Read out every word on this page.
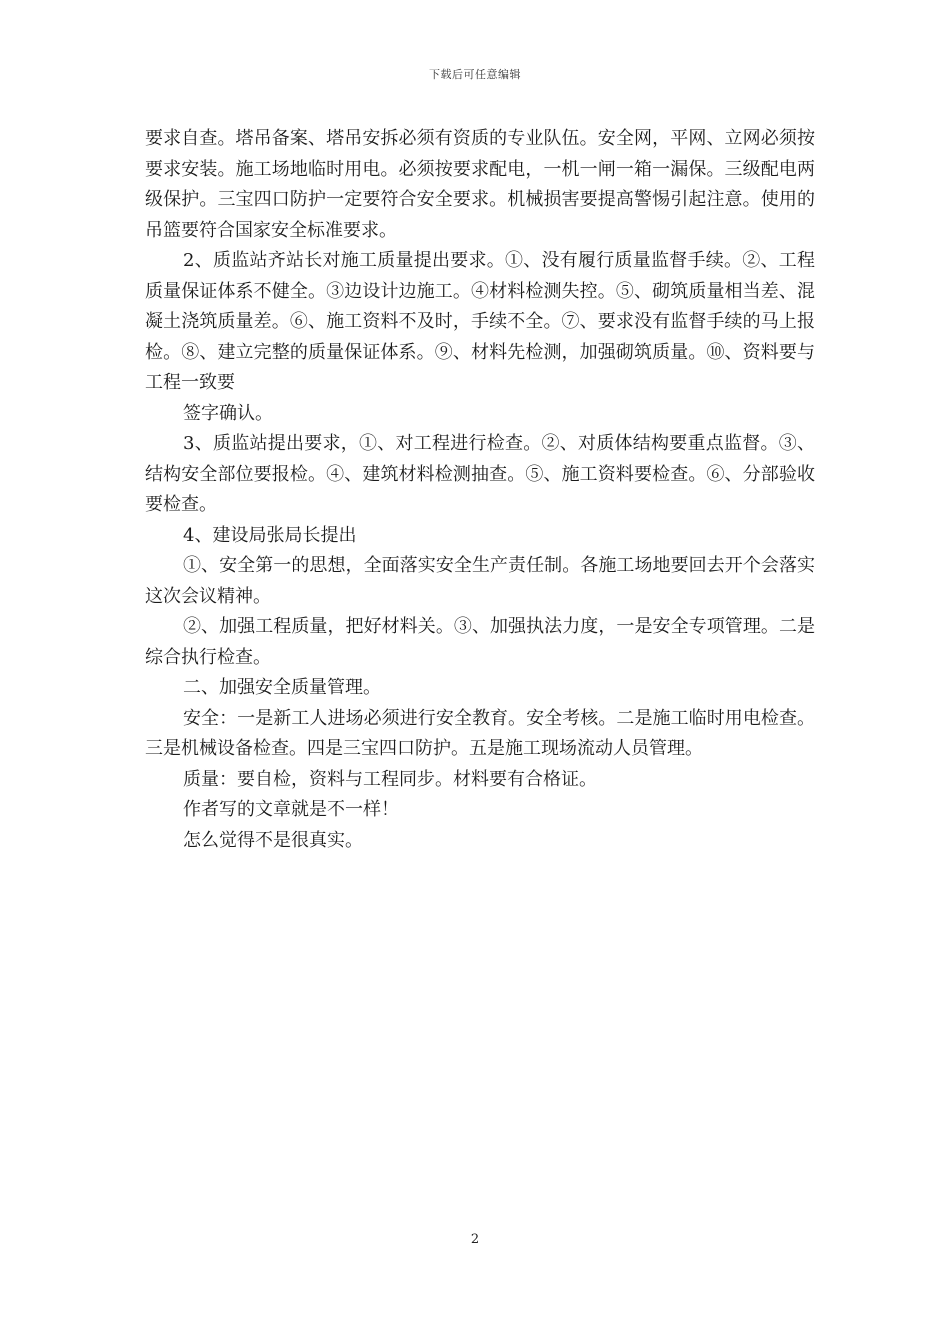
下载后可任意编辑

要求自查。塔吊备案、塔吊安拆必须有资质的专业队伍。安全网，平网、立网必须按要求安装。施工场地临时用电。必须按要求配电，一机一闸一箱一漏保。三级配电两级保护。三宝四口防护一定要符合安全要求。机械损害要提高警惕引起注意。使用的吊篮要符合国家安全标准要求。

2、质监站齐站长对施工质量提出要求。①、没有履行质量监督手续。②、工程质量保证体系不健全。③边设计边施工。④材料检测失控。⑤、砌筑质量相当差、混凝土浇筑质量差。⑥、施工资料不及时，手续不全。⑦、要求没有监督手续的马上报检。⑧、建立完整的质量保证体系。⑨、材料先检测，加强砌筑质量。⑩、资料要与工程一致要

签字确认。

3、质监站提出要求，①、对工程进行检查。②、对质体结构要重点监督。③、结构安全部位要报检。④、建筑材料检测抽查。⑤、施工资料要检查。⑥、分部验收要检查。

4、建设局张局长提出

①、安全第一的思想，全面落实安全生产责任制。各施工场地要回去开个会落实这次会议精神。

②、加强工程质量，把好材料关。③、加强执法力度，一是安全专项管理。二是综合执行检查。

二、加强安全质量管理。

安全：一是新工人进场必须进行安全教育。安全考核。二是施工临时用电检查。三是机械设备检查。四是三宝四口防护。五是施工现场流动人员管理。

质量：要自检，资料与工程同步。材料要有合格证。

作者写的文章就是不一样！

怎么觉得不是很真实。

2
